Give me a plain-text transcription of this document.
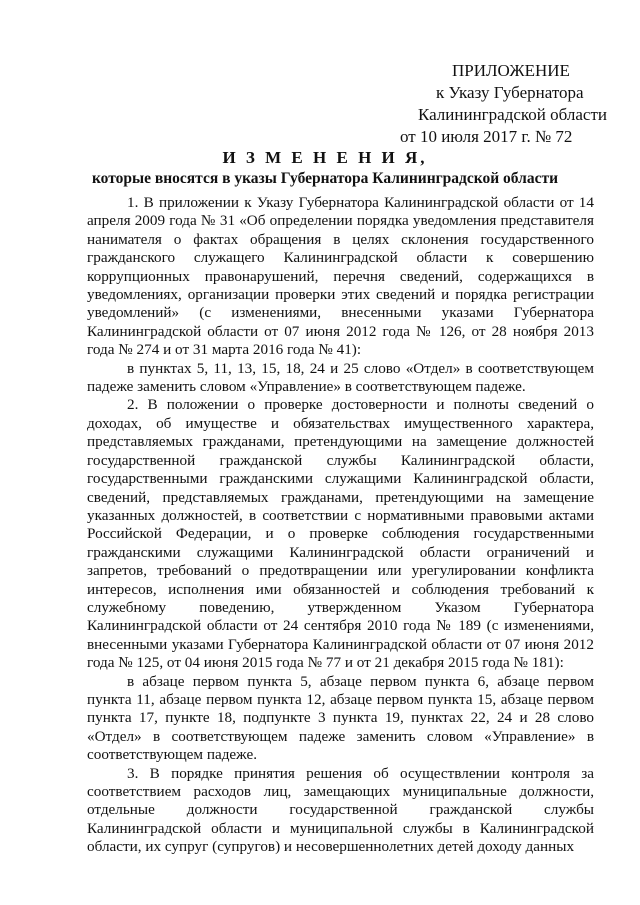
ПРИЛОЖЕНИЕ
к Указу Губернатора
Калининградской области
от 10 июля 2017 г. № 72
И З М Е Н Е Н И Я,
которые вносятся в указы Губернатора Калининградской области

1. В приложении к Указу Губернатора Калининградской области от 14 апреля 2009 года № 31 «Об определении порядка уведомления представителя нанимателя о фактах обращения в целях склонения государственного гражданского служащего Калининградской области к совершению коррупционных правонарушений, перечня сведений, содержащихся в уведомлениях, организации проверки этих сведений и порядка регистрации уведомлений» (с изменениями, внесенными указами Губернатора Калининградской области от 07 июня 2012 года № 126, от 28 ноября 2013 года № 274 и от 31 марта 2016 года № 41):

в пунктах 5, 11, 13, 15, 18, 24 и 25 слово «Отдел» в соответствующем падеже заменить словом «Управление» в соответствующем падеже.

2. В положении о проверке достоверности и полноты сведений о доходах, об имуществе и обязательствах имущественного характера, представляемых гражданами, претендующими на замещение должностей государственной гражданской службы Калининградской области, государственными гражданскими служащими Калининградской области, сведений, представляемых гражданами, претендующими на замещение указанных должностей, в соответствии с нормативными правовыми актами Российской Федерации, и о проверке соблюдения государственными гражданскими служащими Калининградской области ограничений и запретов, требований о предотвращении или урегулировании конфликта интересов, исполнения ими обязанностей и соблюдения требований к служебному поведению, утвержденном Указом Губернатора Калининградской области от 24 сентября 2010 года № 189 (с изменениями, внесенными указами Губернатора Калининградской области от 07 июня 2012 года № 125, от 04 июня 2015 года № 77 и от 21 декабря 2015 года № 181):

в абзаце первом пункта 5, абзаце первом пункта 6, абзаце первом пункта 11, абзаце первом пункта 12, абзаце первом пункта 15, абзаце первом пункта 17, пункте 18, подпункте 3 пункта 19, пунктах 22, 24 и 28 слово «Отдел» в соответствующем падеже заменить словом «Управление» в соответствующем падеже.

3. В порядке принятия решения об осуществлении контроля за соответствием расходов лиц, замещающих муниципальные должности, отдельные должности государственной гражданской службы Калининградской области и муниципальной службы в Калининградской области, их супруг (супругов) и несовершеннолетних детей доходу данных
